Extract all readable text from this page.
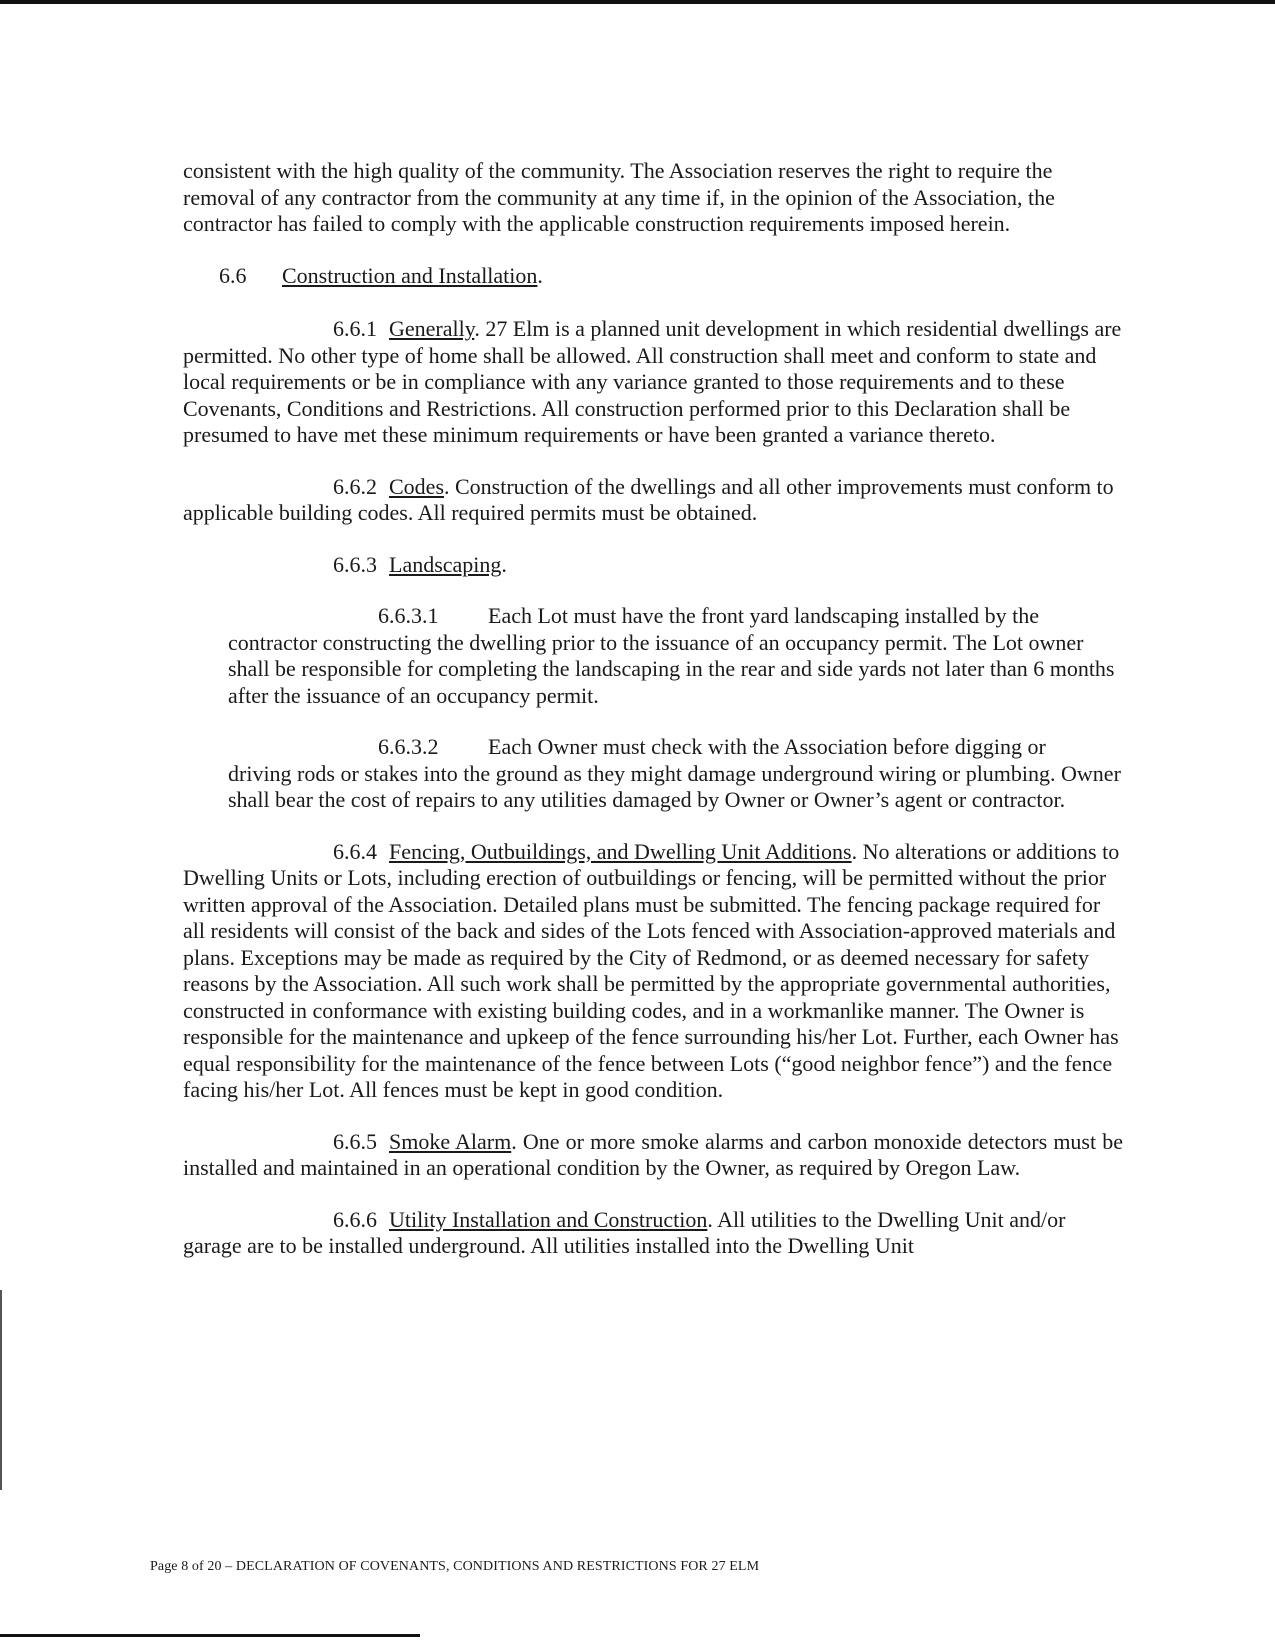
consistent with the high quality of the community. The Association reserves the right to require the removal of any contractor from the community at any time if, in the opinion of the Association, the contractor has failed to comply with the applicable construction requirements imposed herein.

6.6 Construction and Installation.

6.6.1 Generally. 27 Elm is a planned unit development in which residential dwellings are permitted. No other type of home shall be allowed. All construction shall meet and conform to state and local requirements or be in compliance with any variance granted to those requirements and to these Covenants, Conditions and Restrictions. All construction performed prior to this Declaration shall be presumed to have met these minimum requirements or have been granted a variance thereto.

6.6.2 Codes. Construction of the dwellings and all other improvements must conform to applicable building codes. All required permits must be obtained.

6.6.3 Landscaping.

6.6.3.1 Each Lot must have the front yard landscaping installed by the
contractor constructing the dwelling prior to the issuance of an occupancy permit. The Lot owner shall be responsible for completing the landscaping in the rear and side yards not later than 6 months after the issuance of an occupancy permit.
6.6.3.2 Each Owner must check with the Association before digging or
driving rods or stakes into the ground as they might damage underground wiring or plumbing. Owner shall bear the cost of repairs to any utilities damaged by Owner or Owner’s agent or contractor.

6.6.4 Fencing, Outbuildings, and Dwelling Unit Additions. No alterations or additions to Dwelling Units or Lots, including erection of outbuildings or fencing, will be permitted without the prior written approval of the Association. Detailed plans must be submitted. The fencing package required for all residents will consist of the back and sides of the Lots fenced with Association-approved materials and plans. Exceptions may be made as required by the City of Redmond, or as deemed necessary for safety reasons by the Association. All such work shall be permitted by the appropriate governmental authorities, constructed in conformance with existing building codes, and in a workmanlike manner. The Owner is responsible for the maintenance and upkeep of the fence surrounding his/her Lot. Further, each Owner has equal responsibility for the maintenance of the fence between Lots (“good neighbor fence”) and the fence facing his/her Lot. All fences must be kept in good condition.

6.6.5 Smoke Alarm. One or more smoke alarms and carbon monoxide detectors must be installed and maintained in an operational condition by the Owner, as required by Oregon Law.

6.6.6 Utility Installation and Construction. All utilities to the Dwelling Unit and/or garage are to be installed underground. All utilities installed into the Dwelling Unit

Page 8 of 20 – DECLARATION OF COVENANTS, CONDITIONS AND RESTRICTIONS FOR 27 ELM
